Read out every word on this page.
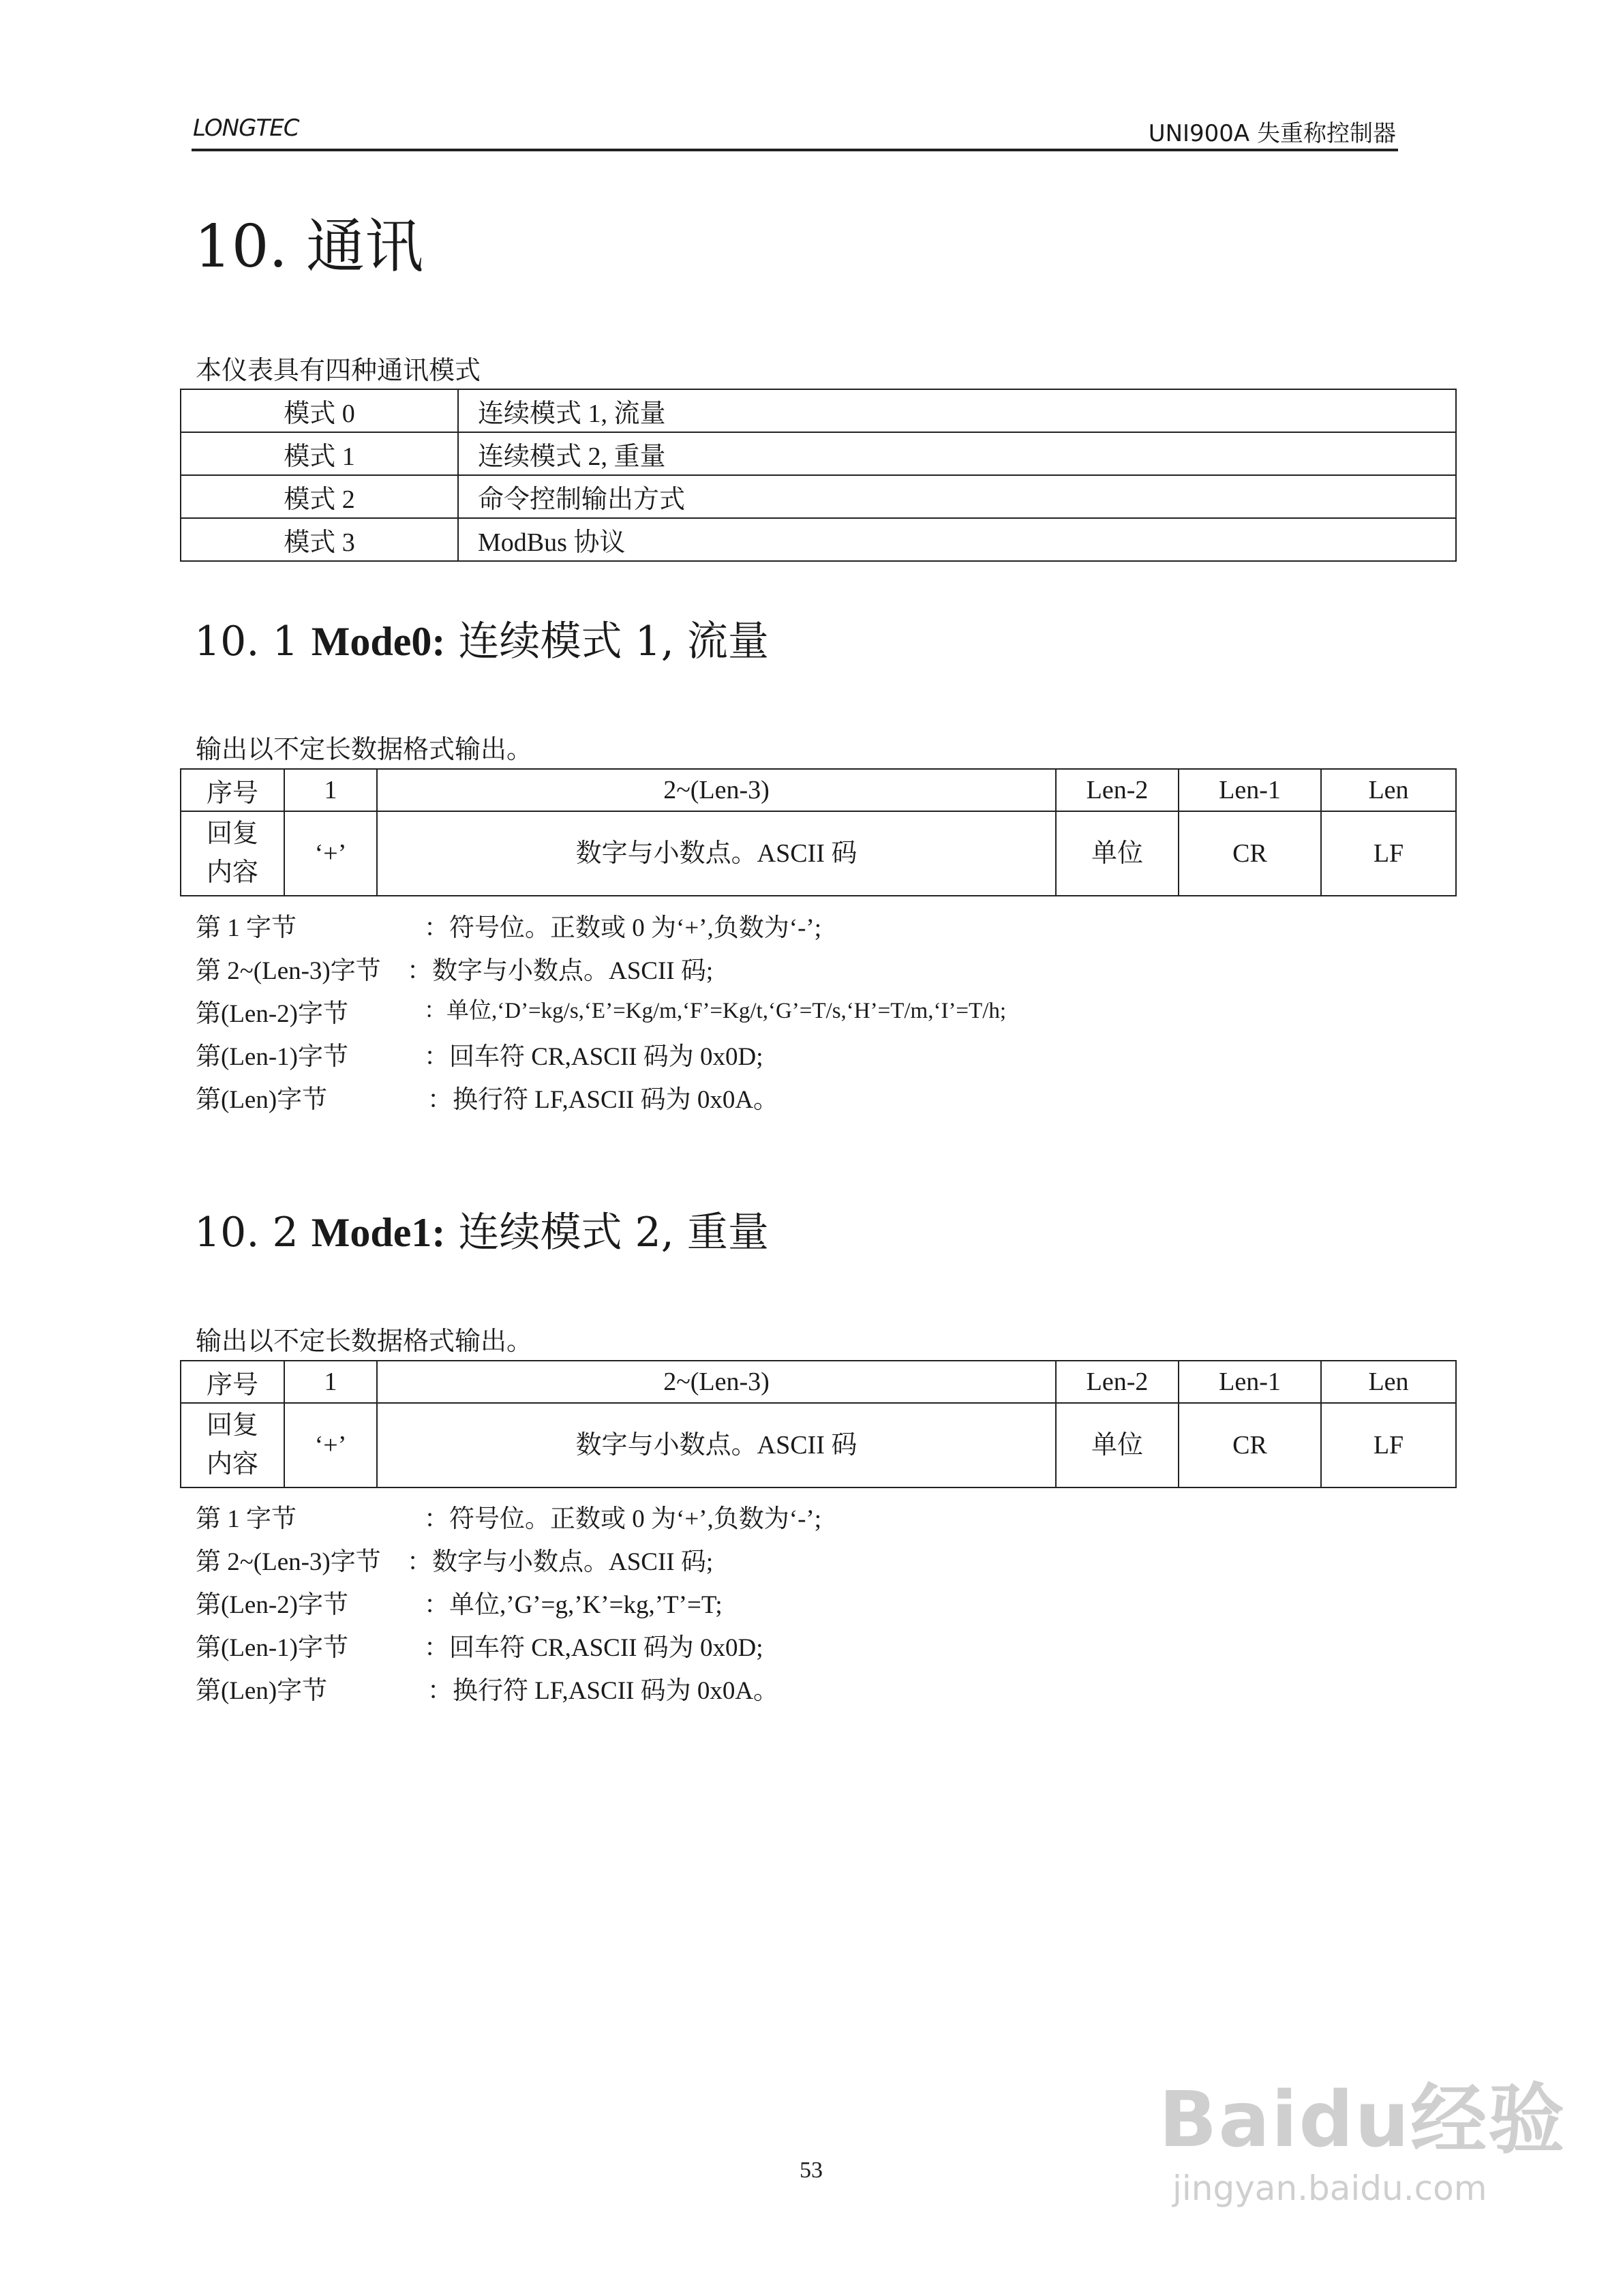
LONGTEC	UNI900A 失重称控制器
10. 通讯
本仪表具有四种通讯模式
模式 0	连续模式 1, 流量
模式 1	连续模式 2, 重量
模式 2	命令控制输出方式
模式 3	ModBus 协议
10. 1 Mode0: 连续模式 1, 流量
输出以不定长数据格式输出。
序号	1	2~(Len-3)	Len-2	Len-1	Len

回复
内容	‘+’	数字与小数点。ASCII 码	单位	CR	LF
第 1 字节	：符号位。正数或 0 为‘+’,负数为‘-’;
第 2~(Len-3)字节 ：数字与小数点。ASCII 码;
第(Len-2)字节	：单位,‘D’=kg/s,‘E’=Kg/m,‘F’=Kg/t,‘G’=T/s,‘H’=T/m,‘I’=T/h;
第(Len-1)字节	：回车符 CR,ASCII 码为 0x0D;
第(Len)字节	：换行符 LF,ASCII 码为 0x0A。
10. 2 Mode1: 连续模式 2, 重量
输出以不定长数据格式输出。
序号	1	2~(Len-3)	Len-2	Len-1	Len

回复
内容	‘+’	数字与小数点。ASCII 码	单位	CR	LF
第 1 字节	：符号位。正数或 0 为‘+’,负数为‘-’;
第 2~(Len-3)字节 ：数字与小数点。ASCII 码;
第(Len-2)字节	：单位,’G’=g,’K’=kg,’T’=T;
第(Len-1)字节	：回车符 CR,ASCII 码为 0x0D;
第(Len)字节	：换行符 LF,ASCII 码为 0x0A。
53
Baidu经验
jingyan.baidu.com
